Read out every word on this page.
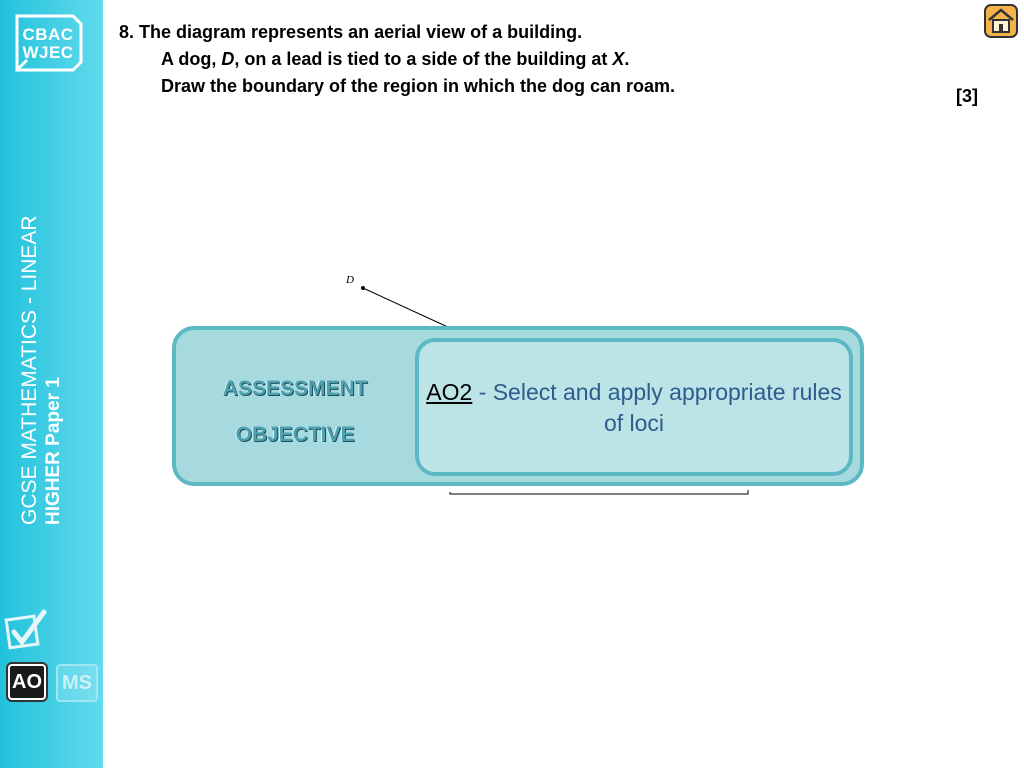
CBAC
WJEC
GCSE MATHEMATICS - LINEAR HIGHER Paper 1
AO	MS
8. The diagram represents an aerial view of a building.
A dog, D, on a lead is tied to a side of the building at X.
Draw the boundary of the region in which the dog can roam.	[3]
D
ASSESSMENT
OBJECTIVE
AO2 - Select and apply appropriate rules of loci
